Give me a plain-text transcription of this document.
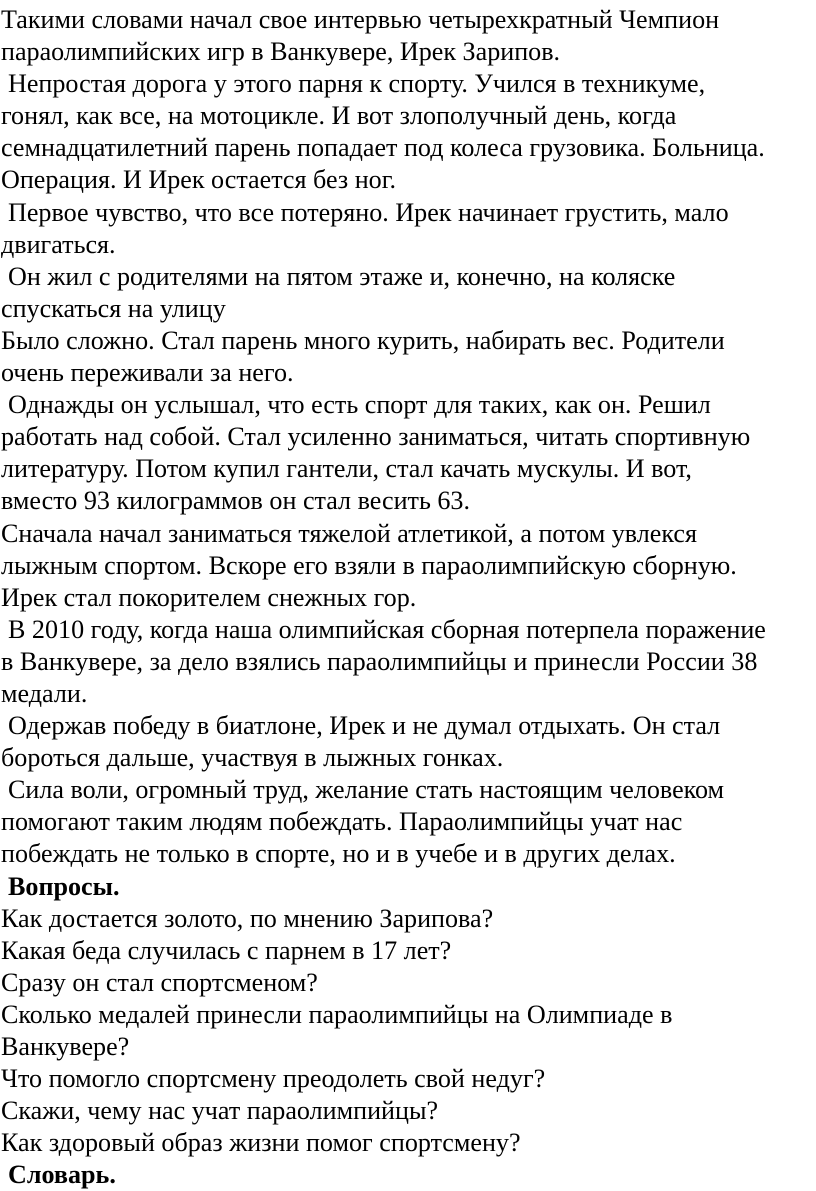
Такими словами начал свое интервью четырехкратный Чемпион
параолимпийских игр в Ванкувере, Ирек Зарипов.
Непростая дорога у этого парня к спорту. Учился в техникуме,
гонял, как все, на мотоцикле. И вот злополучный день, когда
семнадцатилетний парень попадает под колеса грузовика. Больница.
Операция. И Ирек остается без ног.
Первое чувство, что все потеряно. Ирек начинает грустить, мало
двигаться.
Он жил с родителями на пятом этаже и, конечно, на коляске
спускаться на улицу
Было сложно. Стал парень много курить, набирать вес. Родители
очень переживали за него.
Однажды он услышал, что есть спорт для таких, как он. Решил
работать над собой. Стал усиленно заниматься, читать спортивную
литературу. Потом купил гантели, стал качать мускулы. И вот,
вместо 93 килограммов он стал весить 63.
Сначала начал заниматься тяжелой атлетикой, а потом увлекся
лыжным спортом. Вскоре его взяли в параолимпийскую сборную.
Ирек стал покорителем снежных гор.
В 2010 году, когда наша олимпийская сборная потерпела поражение
в Ванкувере, за дело взялись параолимпийцы и принесли России 38
медали.
Одержав победу в биатлоне, Ирек и не думал отдыхать. Он стал
бороться дальше, участвуя в лыжных гонках.
Сила воли, огромный труд, желание стать настоящим человеком
помогают таким людям побеждать. Параолимпийцы учат нас
побеждать не только в спорте, но и в учебе и в других делах.
Вопросы.
Как достается золото, по мнению Зарипова?
Какая беда случилась с парнем в 17 лет?
Сразу он стал спортсменом?
Сколько медалей принесли параолимпийцы на Олимпиаде в
Ванкувере?
Что помогло спортсмену преодолеть свой недуг?
Скажи, чему нас учат параолимпийцы?
Как здоровый образ жизни помог спортсмену?
Словарь.
